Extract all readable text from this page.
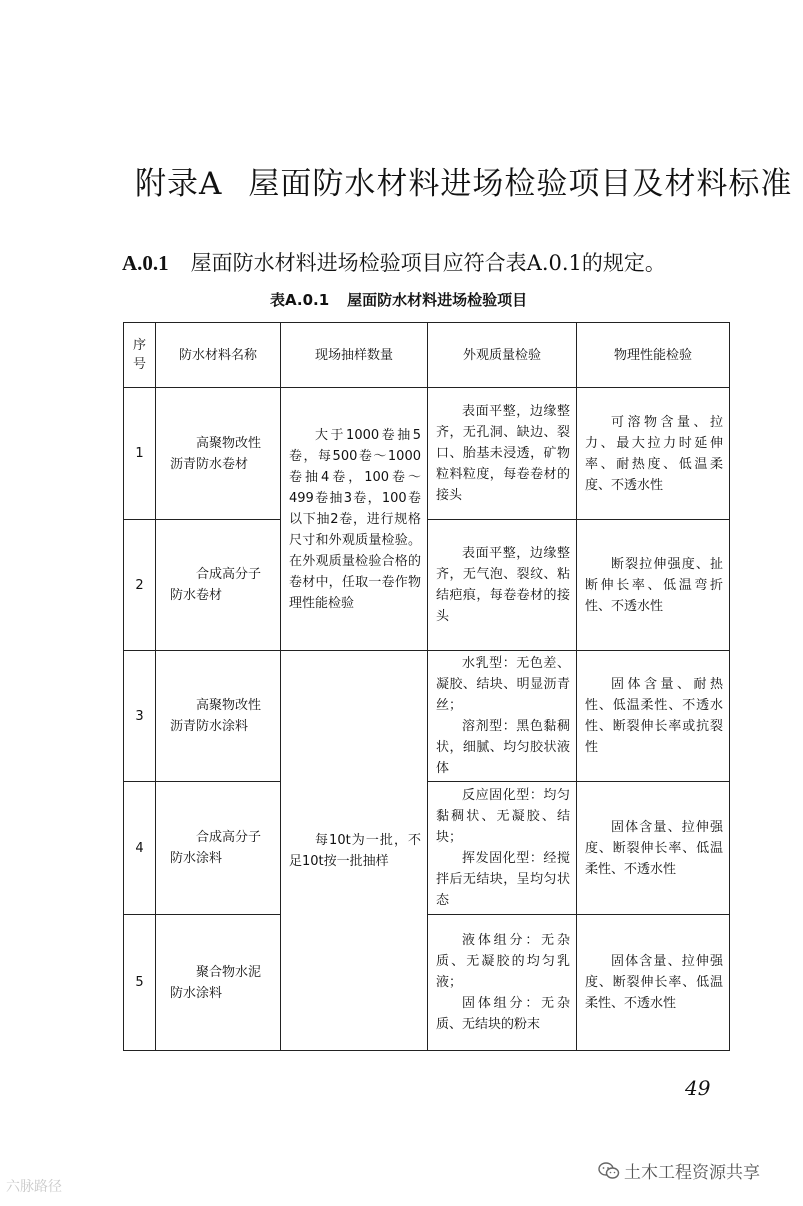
附录A 屋面防水材料进场检验项目及材料标准
A.0.1 屋面防水材料进场检验项目应符合表A.0.1的规定。
表A.0.1 屋面防水材料进场检验项目
序号	防水材料名称	现场抽样数量	外观质量检验	物理性能检验
1	高聚物改性沥青防水卷材	大于1000卷抽5卷，每500卷～1000卷抽4卷，100卷～499卷抽3卷，100卷以下抽2卷，进行规格尺寸和外观质量检验。在外观质量检验合格的卷材中，任取一卷作物理性能检验	表面平整，边缘整齐，无孔洞、缺边、裂口、胎基未浸透，矿物粒料粒度，每卷卷材的接头	可溶物含量、拉力、最大拉力时延伸率、耐热度、低温柔度、不透水性

2	合成高分子防水卷材		表面平整，边缘整齐，无气泡、裂纹、粘结疤痕，每卷卷材的接头	断裂拉伸强度、扯断伸长率、低温弯折性、不透水性

3	高聚物改性沥青防水涂料	每10t为一批，不足10t按一批抽样	水乳型：无色差、凝胶、结块、明显沥青丝；
溶剂型：黑色黏稠状，细腻、均匀胶状液体	固体含量、耐热性、低温柔性、不透水性、断裂伸长率或抗裂性

4	合成高分子防水涂料		反应固化型：均匀黏稠状、无凝胶、结块；
挥发固化型：经搅拌后无结块，呈均匀状态	固体含量、拉伸强度、断裂伸长率、低温柔性、不透水性

5	聚合物水泥防水涂料		液体组分：无杂质、无凝胶的均匀乳液；
固体组分：无杂质、无结块的粉末	固体含量、拉伸强度、断裂伸长率、低温柔性、不透水性
49
六脉路径
土木工程资源共享
